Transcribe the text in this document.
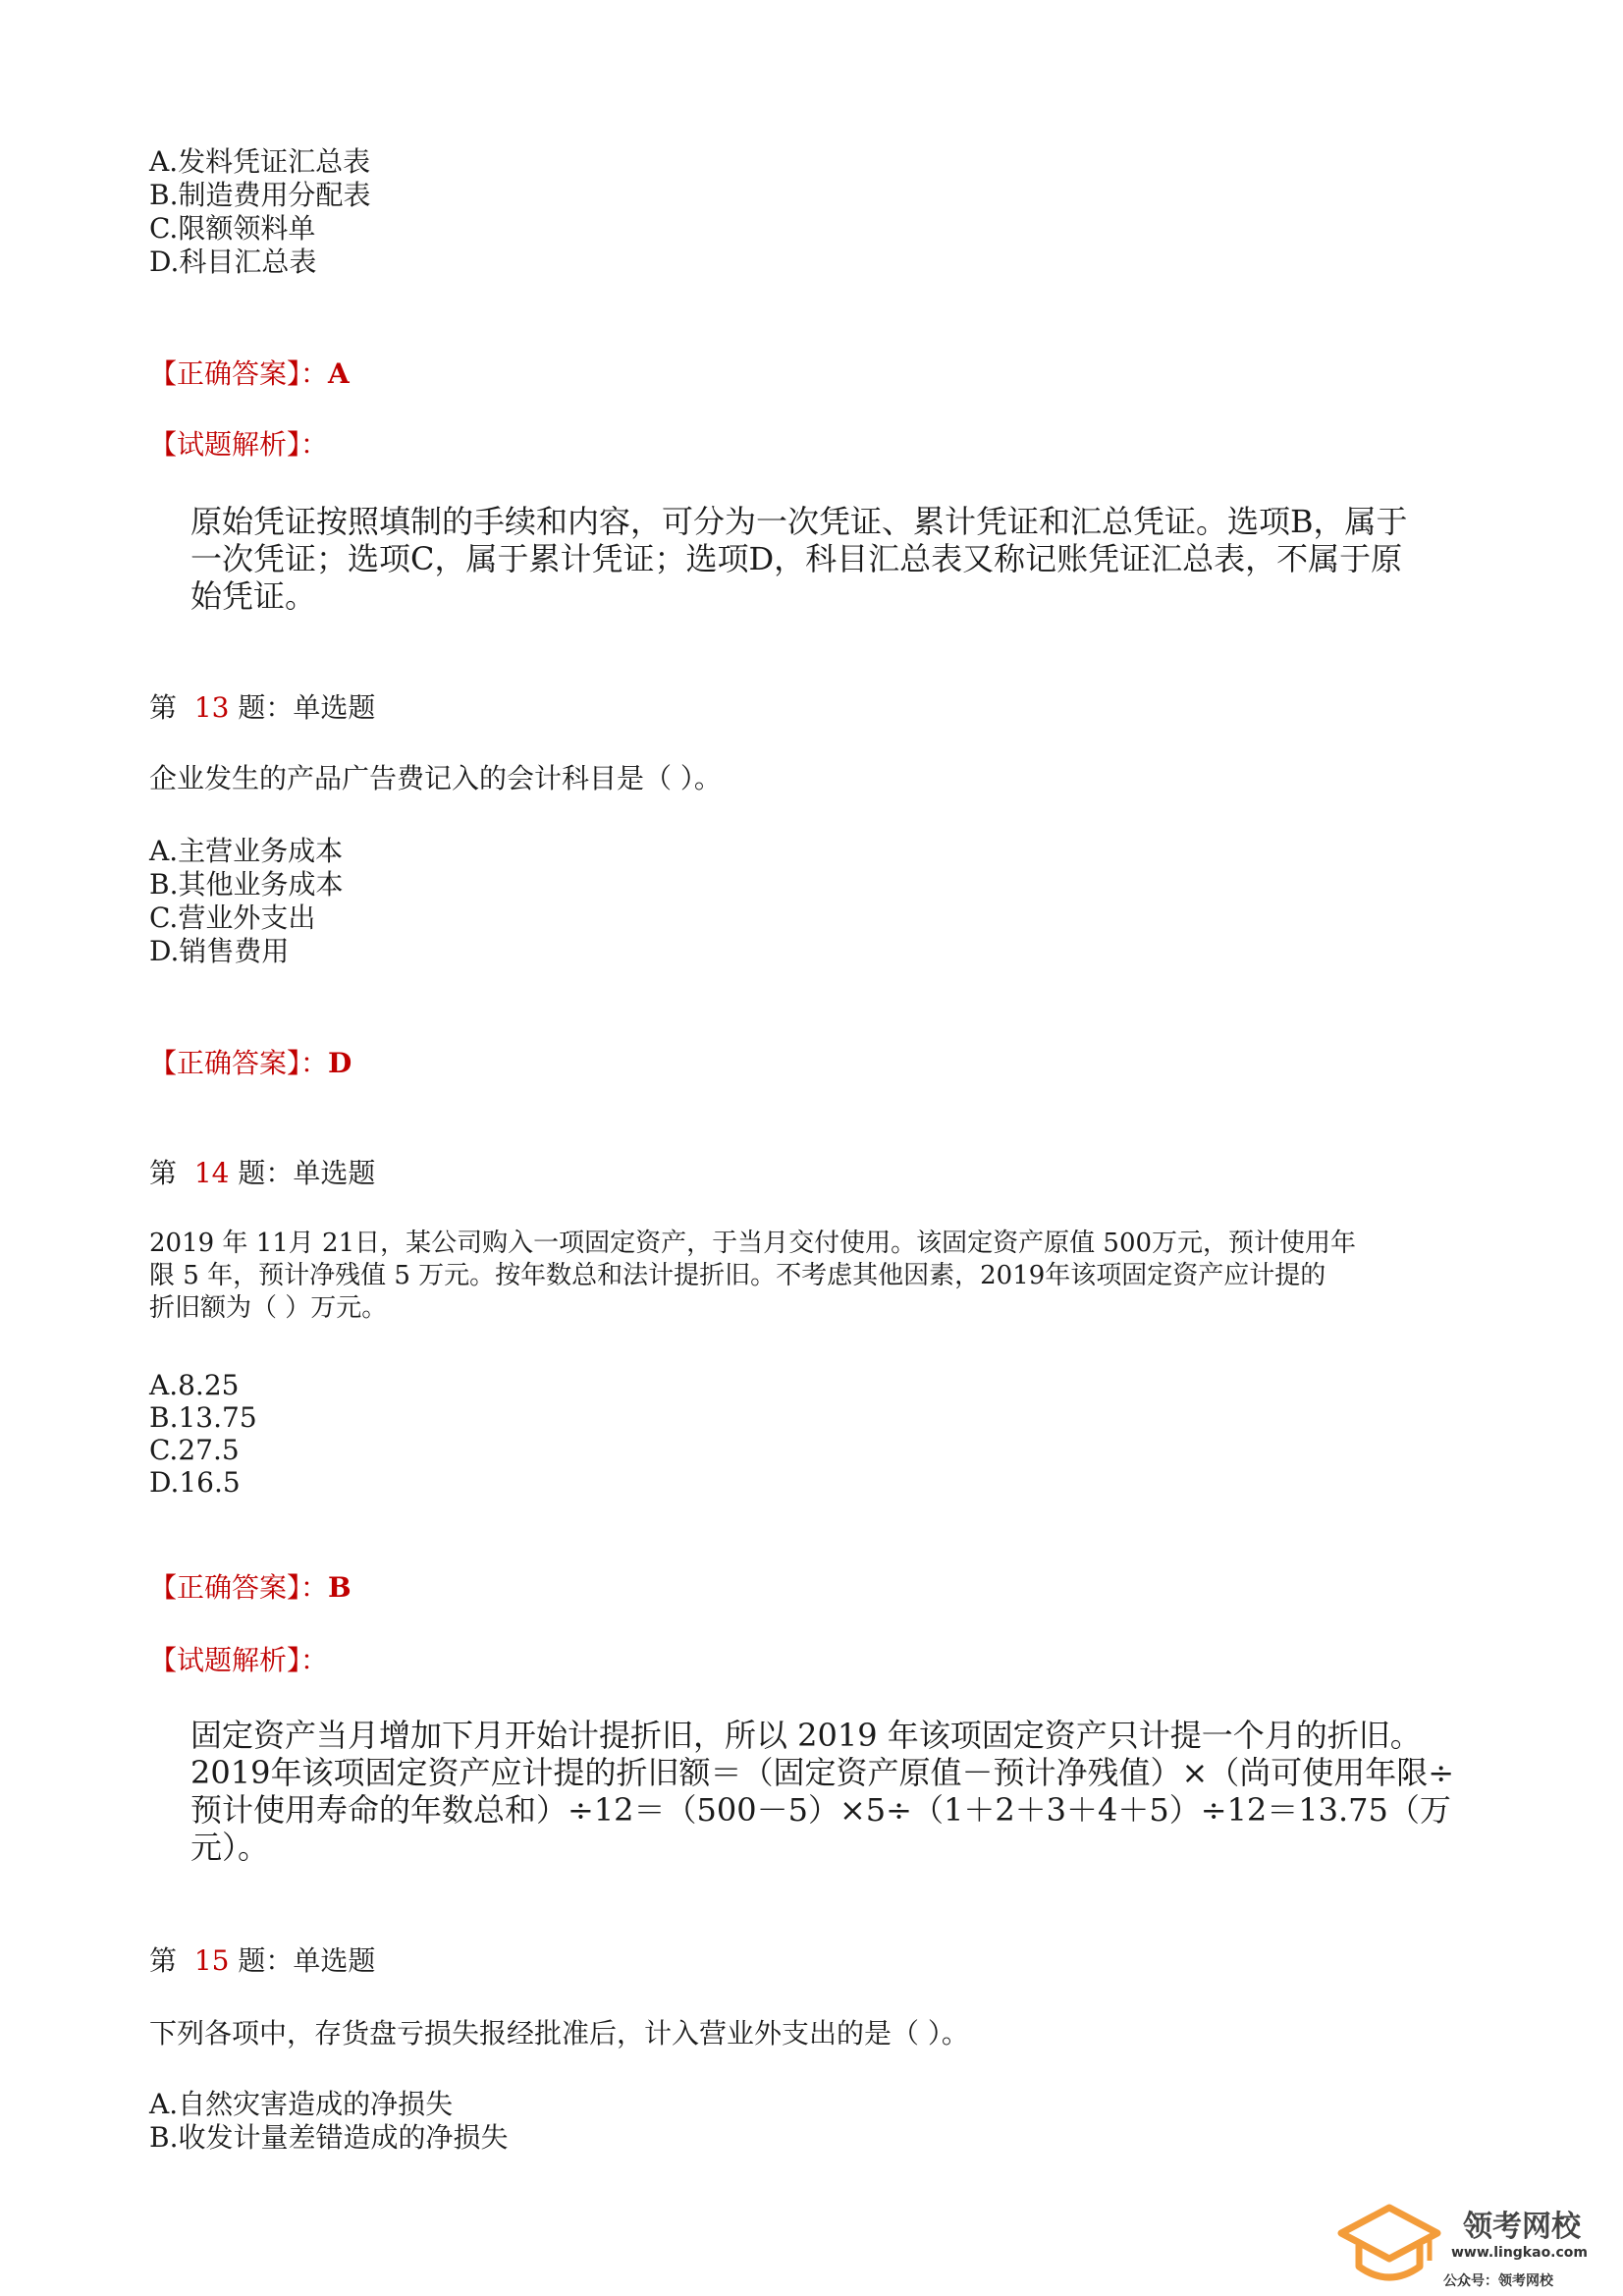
A.发料凭证汇总表
B.制造费用分配表
C.限额领料单
D.科目汇总表
【正确答案】：A
【试题解析】：
原始凭证按照填制的手续和内容，可分为一次凭证、累计凭证和汇总凭证。选项B，属于
一次凭证；选项C，属于累计凭证；选项D，科目汇总表又称记账凭证汇总表，不属于原
始凭证。
第 13 题：单选题
企业发生的产品广告费记入的会计科目是（ ）。
A.主营业务成本
B.其他业务成本
C.营业外支出
D.销售费用
【正确答案】：D
第 14 题：单选题
2019 年 11月 21日，某公司购入一项固定资产，于当月交付使用。该固定资产原值 500万元，预计使用年
限 5 年，预计净残值 5 万元。按年数总和法计提折旧。不考虑其他因素，2019年该项固定资产应计提的
折旧额为（ ）万元。
A.8.25
B.13.75
C.27.5
D.16.5
【正确答案】：B
【试题解析】：
固定资产当月增加下月开始计提折旧，所以 2019 年该项固定资产只计提一个月的折旧。
2019年该项固定资产应计提的折旧额＝（固定资产原值－预计净残值）×（尚可使用年限÷
预计使用寿命的年数总和）÷12＝（500－5）×5÷（1＋2＋3＋4＋5）÷12＝13.75（万
元）。
第 15 题：单选题
下列各项中，存货盘亏损失报经批准后，计入营业外支出的是（ ）。
A.自然灾害造成的净损失
B.收发计量差错造成的净损失
领考网校
www.lingkao.com
公众号：领考网校
